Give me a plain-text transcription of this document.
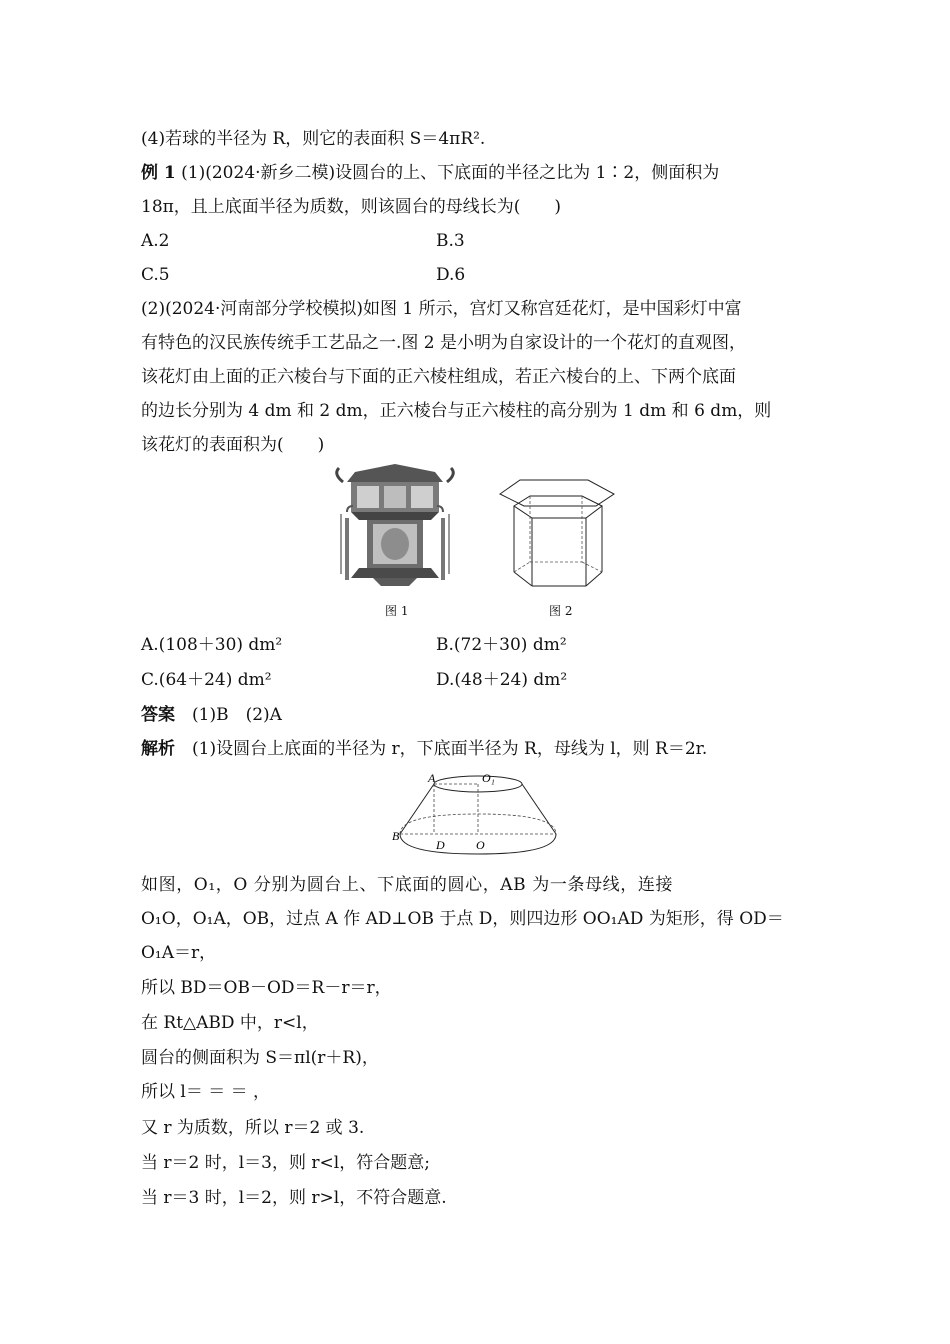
(4)若球的半径为 R，则它的表面积 S＝4πR².
例 1 (1)(2024·新乡二模)设圆台的上、下底面的半径之比为 1∶2，侧面积为
18π，且上底面半径为质数，则该圆台的母线长为(　　)
A.2	B.3
C.5	D.6
(2)(2024·河南部分学校模拟)如图 1 所示，宫灯又称宫廷花灯，是中国彩灯中富
有特色的汉民族传统手工艺品之一.图 2 是小明为自家设计的一个花灯的直观图，
该花灯由上面的正六棱台与下面的正六棱柱组成，若正六棱台的上、下两个底面
的边长分别为 4 dm 和 2 dm，正六棱台与正六棱柱的高分别为 1 dm 和 6 dm，则
该花灯的表面积为(　　)
图 1	图 2
A.(108＋30) dm²	B.(72＋30) dm²
C.(64＋24) dm²	D.(48＋24) dm²
答案　(1)B　(2)A
解析　(1)设圆台上底面的半径为 r，下底面半径为 R，母线为 l，则 R＝2r.
A	O₁
B
D	O
如图，O₁，O 分别为圆台上、下底面的圆心，AB 为一条母线，连接
O₁O，O₁A，OB，过点 A 作 AD⊥OB 于点 D，则四边形 OO₁AD 为矩形，得 OD＝
O₁A＝r，
所以 BD＝OB－OD＝R－r＝r，
在 Rt△ABD 中，r<l，
圆台的侧面积为 S＝πl(r＋R)，
所以 l＝ ＝ ＝ ，
又 r 为质数，所以 r＝2 或 3.
当 r＝2 时，l＝3，则 r<l，符合题意;
当 r＝3 时，l＝2，则 r>l，不符合题意.
